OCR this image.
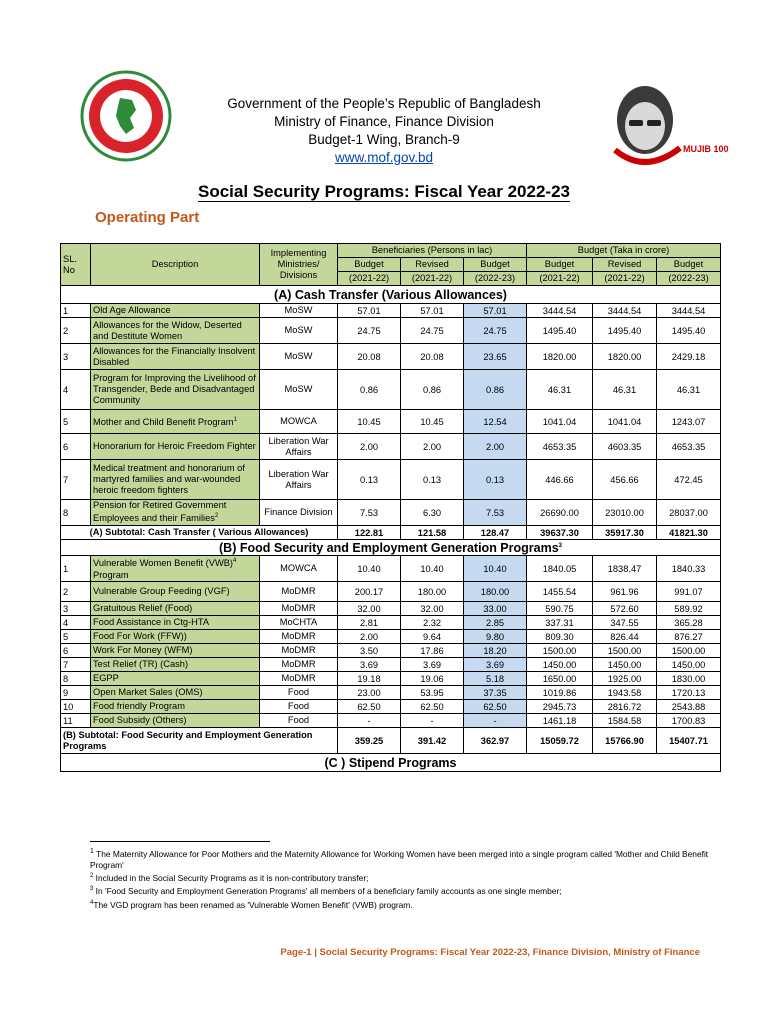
MUJIB 100
Government of the People’s Republic of Bangladesh
Ministry of Finance, Finance Division
Budget-1 Wing, Branch-9
www.mof.gov.bd
Social Security Programs: Fiscal Year 2022-23
Operating Part
SL. No	Description	Implementing Ministries/ Divisions	Beneficiaries (Persons in lac)			Budget (Taka in crore)		
			Budget	Revised	Budget	Budget	Revised	Budget
			(2021-22)	(2021-22)	(2022-23)	(2021-22)	(2021-22)	(2022-23)
(A) Cash Transfer (Various Allowances)								
1	Old Age Allowance	MoSW	57.01	57.01	57.01	3444.54	3444.54	3444.54
2	Allowances for the Widow, Deserted and Destitute Women	MoSW	24.75	24.75	24.75	1495.40	1495.40	1495.40
3	Allowances for the Financially Insolvent Disabled	MoSW	20.08	20.08	23.65	1820.00	1820.00	2429.18
4	Program for Improving the Livelihood of Transgender, Bede and Disadvantaged Community	MoSW	0.86	0.86	0.86	46.31	46.31	46.31
5	Mother and Child Benefit Program$^1$	MOWCA	10.45	10.45	12.54	1041.04	1041.04	1243.07
6	Honorarium for Heroic Freedom Fighter	Liberation War Affairs	2.00	2.00	2.00	4653.35	4603.35	4653.35
7	Medical treatment and honorarium of martyred families and war-wounded heroic freedom fighters	Liberation War Affairs	0.13	0.13	0.13	446.66	456.66	472.45
8	Pension for Retired Government Employees and their Families$^2$	Finance Division	7.53	6.30	7.53	26690.00	23010.00	28037.00
(A) Subtotal: Cash Transfer ( Various Allowances)			122.81	121.58	128.47	39637.30	35917.30	41821.30
(B) Food Security and Employment Generation Programs$^3$
1	Vulnerable Women Benefit (VWB)$^4$ Program	MOWCA	10.40	10.40	10.40	1840.05	1838.47	1840.33
2	Vulnerable Group Feeding (VGF)	MoDMR	200.17	180.00	180.00	1455.54	961.96	991.07
3	Gratuitous Relief (Food)	MoDMR	32.00	32.00	33.00	590.75	572.60	589.92
4	Food Assistance in Ctg-HTA	MoCHTA	2.81	2.32	2.85	337.31	347.55	365.28
5	Food For Work (FFW))	MoDMR	2.00	9.64	9.80	809.30	826.44	876.27
6	Work For Money (WFM)	MoDMR	3.50	17.86	18.20	1500.00	1500.00	1500.00
7	Test Relief (TR) (Cash)	MoDMR	3.69	3.69	3.69	1450.00	1450.00	1450.00
8	EGPP	MoDMR	19.18	19.06	5.18	1650.00	1925.00	1830.00
9	Open Market Sales (OMS)	Food	23.00	53.95	37.35	1019.86	1943.58	1720.13
10	Food friendly Program	Food	62.50	62.50	62.50	2945.73	2816.72	2543.88
11	Food Subsidy (Others)	Food	-	-	-	1461.18	1584.58	1700.83
(B) Subtotal: Food Security and Employment Generation Programs			359.25	391.42	362.97	15059.72	15766.90	15407.71
(C ) Stipend Programs								
$^1$ The Maternity Allowance for Poor Mothers and the Maternity Allowance for Working Women have been merged into a single program called 'Mother and Child Benefit Program'
$^2$ Included in the Social Security Programs as it is non-contributory transfer;
$^3$ In 'Food Security and Employment Generation Programs' all members of a beneficiary family accounts as one single member;
$^4$The VGD program has been renamed as 'Vulnerable Women Benefit' (VWB) program.
Page-1 | Social Security Programs: Fiscal Year 2022-23, Finance Division, Ministry of Finance
